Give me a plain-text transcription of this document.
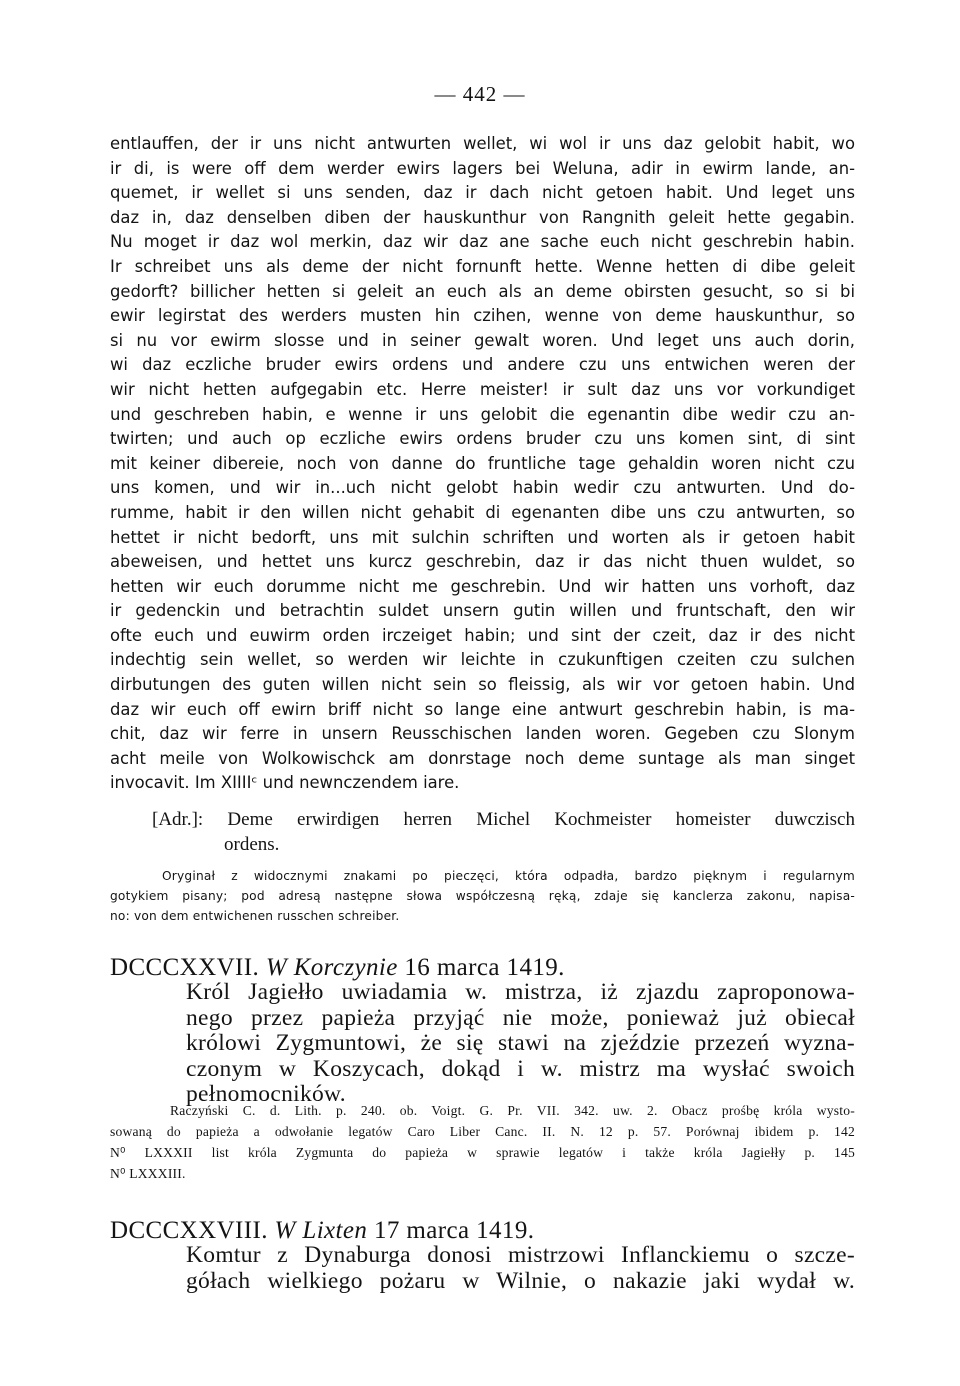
— 442 —
entlauffen, der ir uns nicht antwurten wellet, wi wol ir uns daz gelobit habit, wo
ir di, is were off dem werder ewirs lagers bei Weluna, adir in ewirm lande, an-
quemet, ir wellet si uns senden, daz ir dach nicht getoen habit. Und leget uns
daz in, daz denselben diben der hauskunthur von Rangnith geleit hette gegabin.
Nu moget ir daz wol merkin, daz wir daz ane sache euch nicht geschrebin habin.
Ir schreibet uns als deme der nicht fornunft hette. Wenne hetten di dibe geleit
gedorft? billicher hetten si geleit an euch als an deme obirsten gesucht, so si bi
ewir legirstat des werders musten hin czihen, wenne von deme hauskunthur, so
si nu vor ewirm slosse und in seiner gewalt woren. Und leget uns auch dorin,
wi daz eczliche bruder ewirs ordens und andere czu uns entwichen weren der
wir nicht hetten aufgegabin etc. Herre meister! ir sult daz uns vor vorkundiget
und geschreben habin, e wenne ir uns gelobit die egenantin dibe wedir czu an-
twirten; und auch op eczliche ewirs ordens bruder czu uns komen sint, di sint
mit keiner dibereie, noch von danne do fruntliche tage gehaldin woren nicht czu
uns komen, und wir in...uch nicht gelobt habin wedir czu antwurten. Und do-
rumme, habit ir den willen nicht gehabit di egenanten dibe uns czu antwurten, so
hettet ir nicht bedorft, uns mit sulchin schriften und worten als ir getoen habit
abeweisen, und hettet uns kurcz geschrebin, daz ir das nicht thuen wuldet, so
hetten wir euch dorumme nicht me geschrebin. Und wir hatten uns vorhoft, daz
ir gedenckin und betrachtin suldet unsern gutin willen und fruntschaft, den wir
ofte euch und euwirm orden irczeiget habin; und sint der czeit, daz ir des nicht
indechtig sein wellet, so werden wir leichte in czukunftigen czeiten czu sulchen
dirbutungen des guten willen nicht sein so fleissig, als wir vor getoen habin. Und
daz wir euch off ewirn briff nicht so lange eine antwurt geschrebin habin, is ma-
chit, daz wir ferre in unsern Reusschischen landen woren. Gegeben czu Slonym
acht meile von Wolkowischck am donrstage noch deme suntage als man singet
invocavit. Im XIIIIᶜ und newnczendem iare.
[Adr.]: Deme erwirdigen herren Michel Kochmeister homeister duwczisch
ordens.
Oryginał z widocznymi znakami po pieczęci, która odpadła, bardzo pięknym i regularnym
gotykiem pisany; pod adresą następne słowa współczesną ręką, zdaje się kanclerza zakonu, napisa-
no: von dem entwichenen russchen schreiber.
DCCCXXVII. W Korczynie 16 marca 1419.
Król Jagiełło uwiadamia w. mistrza, iż zjazdu zaproponowa-
nego przez papieża przyjąć nie może, ponieważ już obiecał
królowi Zygmuntowi, że się stawi na zjeździe przezeń wyzna-
czonym w Koszycach, dokąd i w. mistrz ma wysłać swoich
pełnomocników.
Raczyński C. d. Lith. p. 240. ob. Voigt. G. Pr. VII. 342. uw. 2. Obacz prośbę króla wysto-
sowaną do papieża a odwołanie legatów Caro Liber Canc. II. N. 12 p. 57. Porównaj ibidem p. 142
N⁰ LXXXII list króla Zygmunta do papieża w sprawie legatów i także króla Jagiełły p. 145
N⁰ LXXXIII.
DCCCXXVIII. W Lixten 17 marca 1419.
Komtur z Dynaburga donosi mistrzowi Inflanckiemu o szcze-
gółach wielkiego pożaru w Wilnie, o nakazie jaki wydał w.
